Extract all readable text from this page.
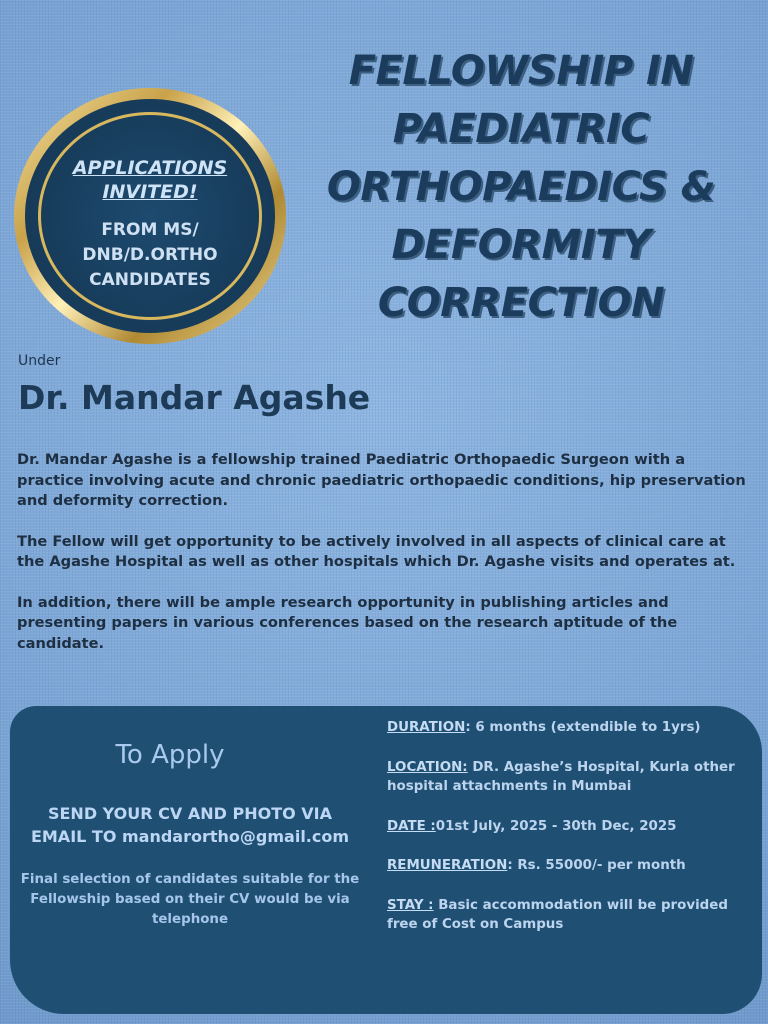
APPLICATIONS
INVITED!
FROM MS/
DNB/D.ORTHO
CANDIDATES
FELLOWSHIP IN
PAEDIATRIC
ORTHOPAEDICS &
DEFORMITY
CORRECTION
Under
Dr. Mandar Agashe

Dr. Mandar Agashe is a fellowship trained Paediatric Orthopaedic Surgeon with a practice involving acute and chronic paediatric orthopaedic conditions, hip preservation and deformity correction.

The Fellow will get opportunity to be actively involved in all aspects of clinical care at the Agashe Hospital as well as other hospitals which Dr. Agashe visits and operates at.

In addition, there will be ample research opportunity in publishing articles and presenting papers in various conferences based on the research aptitude of the candidate.

To Apply
SEND YOUR CV AND PHOTO VIA
EMAIL TO mandarortho@gmail.com
Final selection of candidates suitable for the Fellowship based on their CV would be via telephone
DURATION: 6 months (extendible to 1yrs)
LOCATION: DR. Agashe’s Hospital, Kurla other hospital attachments in Mumbai
DATE :01st July, 2025 - 30th Dec, 2025
REMUNERATION: Rs. 55000/- per month
STAY : Basic accommodation will be provided free of Cost on Campus
